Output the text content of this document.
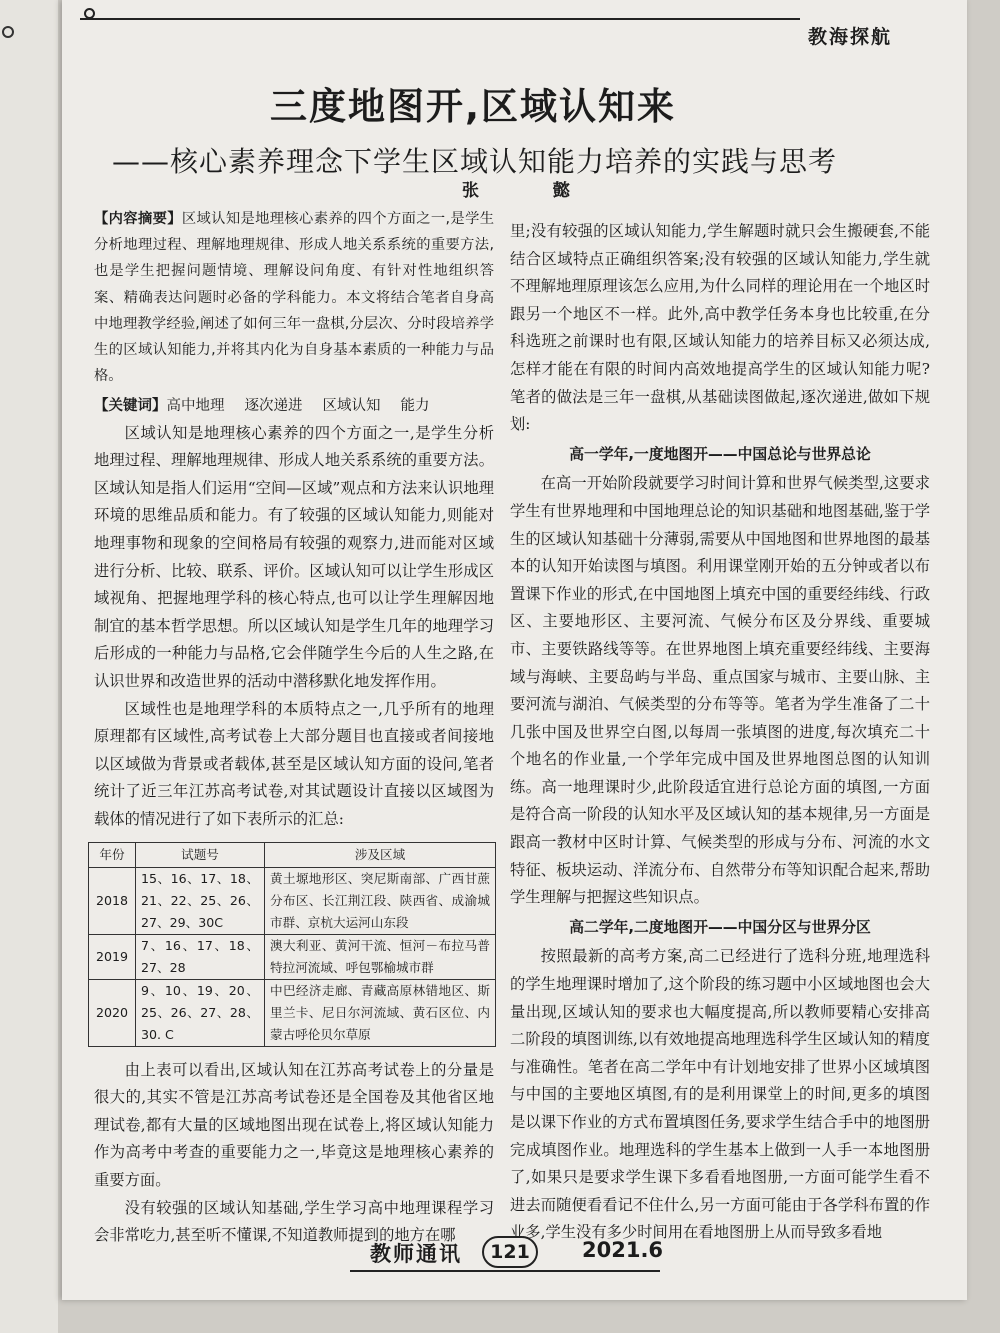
教海探航
三度地图开,区域认知来
——核心素养理念下学生区域认知能力培养的实践与思考
张 懿

【内容摘要】区域认知是地理核心素养的四个方面之一,是学生分析地理过程、理解地理规律、形成人地关系系统的重要方法,也是学生把握问题情境、理解设问角度、有针对性地组织答案、精确表达问题时必备的学科能力。本文将结合笔者自身高中地理教学经验,阐述了如何三年一盘棋,分层次、分时段培养学生的区域认知能力,并将其内化为自身基本素质的一种能力与品格。

【关键词】高中地理 逐次递进 区域认知 能力

区域认知是地理核心素养的四个方面之一,是学生分析地理过程、理解地理规律、形成人地关系系统的重要方法。区域认知是指人们运用“空间—区域”观点和方法来认识地理环境的思维品质和能力。有了较强的区域认知能力,则能对地理事物和现象的空间格局有较强的观察力,进而能对区域进行分析、比较、联系、评价。区域认知可以让学生形成区域视角、把握地理学科的核心特点,也可以让学生理解因地制宜的基本哲学思想。所以区域认知是学生几年的地理学习后形成的一种能力与品格,它会伴随学生今后的人生之路,在认识世界和改造世界的活动中潜移默化地发挥作用。

区域性也是地理学科的本质特点之一,几乎所有的地理原理都有区域性,高考试卷上大部分题目也直接或者间接地以区域做为背景或者载体,甚至是区域认知方面的设问,笔者统计了近三年江苏高考试卷,对其试题设计直接以区域图为载体的情况进行了如下表所示的汇总:

年份	试题号	涉及区域
2018	15、16、17、18、21、22、25、26、27、29、30C	黄土塬地形区、突尼斯南部、广西甘蔗分布区、长江荆江段、陕西省、成渝城市群、京杭大运河山东段
2019	7、16、17、18、27、28	澳大利亚、黄河干流、恒河－布拉马普特拉河流域、呼包鄂榆城市群
2020	9、10、19、20、25、26、27、28、30. C	中巴经济走廊、青藏高原林错地区、斯里兰卡、尼日尔河流域、黄石区位、内蒙古呼伦贝尔草原

由上表可以看出,区域认知在江苏高考试卷上的分量是很大的,其实不管是江苏高考试卷还是全国卷及其他省区地理试卷,都有大量的区域地图出现在试卷上,将区域认知能力作为高考中考查的重要能力之一,毕竟这是地理核心素养的重要方面。

没有较强的区域认知基础,学生学习高中地理课程学习会非常吃力,甚至听不懂课,不知道教师提到的地方在哪

里;没有较强的区域认知能力,学生解题时就只会生搬硬套,不能结合区域特点正确组织答案;没有较强的区域认知能力,学生就不理解地理原理该怎么应用,为什么同样的理论用在一个地区时跟另一个地区不一样。此外,高中教学任务本身也比较重,在分科选班之前课时也有限,区域认知能力的培养目标又必须达成,怎样才能在有限的时间内高效地提高学生的区域认知能力呢?笔者的做法是三年一盘棋,从基础读图做起,逐次递进,做如下规划:

高一学年,一度地图开——中国总论与世界总论

在高一开始阶段就要学习时间计算和世界气候类型,这要求学生有世界地理和中国地理总论的知识基础和地图基础,鉴于学生的区域认知基础十分薄弱,需要从中国地图和世界地图的最基本的认知开始读图与填图。利用课堂刚开始的五分钟或者以布置课下作业的形式,在中国地图上填充中国的重要经纬线、行政区、主要地形区、主要河流、气候分布区及分界线、重要城市、主要铁路线等等。在世界地图上填充重要经纬线、主要海域与海峡、主要岛屿与半岛、重点国家与城市、主要山脉、主要河流与湖泊、气候类型的分布等等。笔者为学生准备了二十几张中国及世界空白图,以每周一张填图的进度,每次填充二十个地名的作业量,一个学年完成中国及世界地图总图的认知训练。高一地理课时少,此阶段适宜进行总论方面的填图,一方面是符合高一阶段的认知水平及区域认知的基本规律,另一方面是跟高一教材中区时计算、气候类型的形成与分布、河流的水文特征、板块运动、洋流分布、自然带分布等知识配合起来,帮助学生理解与把握这些知识点。

高二学年,二度地图开——中国分区与世界分区

按照最新的高考方案,高二已经进行了选科分班,地理选科的学生地理课时增加了,这个阶段的练习题中小区域地图也会大量出现,区域认知的要求也大幅度提高,所以教师要精心安排高二阶段的填图训练,以有效地提高地理选科学生区域认知的精度与准确性。笔者在高二学年中有计划地安排了世界小区域填图与中国的主要地区填图,有的是利用课堂上的时间,更多的填图是以课下作业的方式布置填图任务,要求学生结合手中的地图册完成填图作业。地理选科的学生基本上做到一人手一本地图册了,如果只是要求学生课下多看看地图册,一方面可能学生看不进去而随便看看记不住什么,另一方面可能由于各学科布置的作业多,学生没有多少时间用在看地图册上从而导致多看地

教师通讯	121	2021.6
